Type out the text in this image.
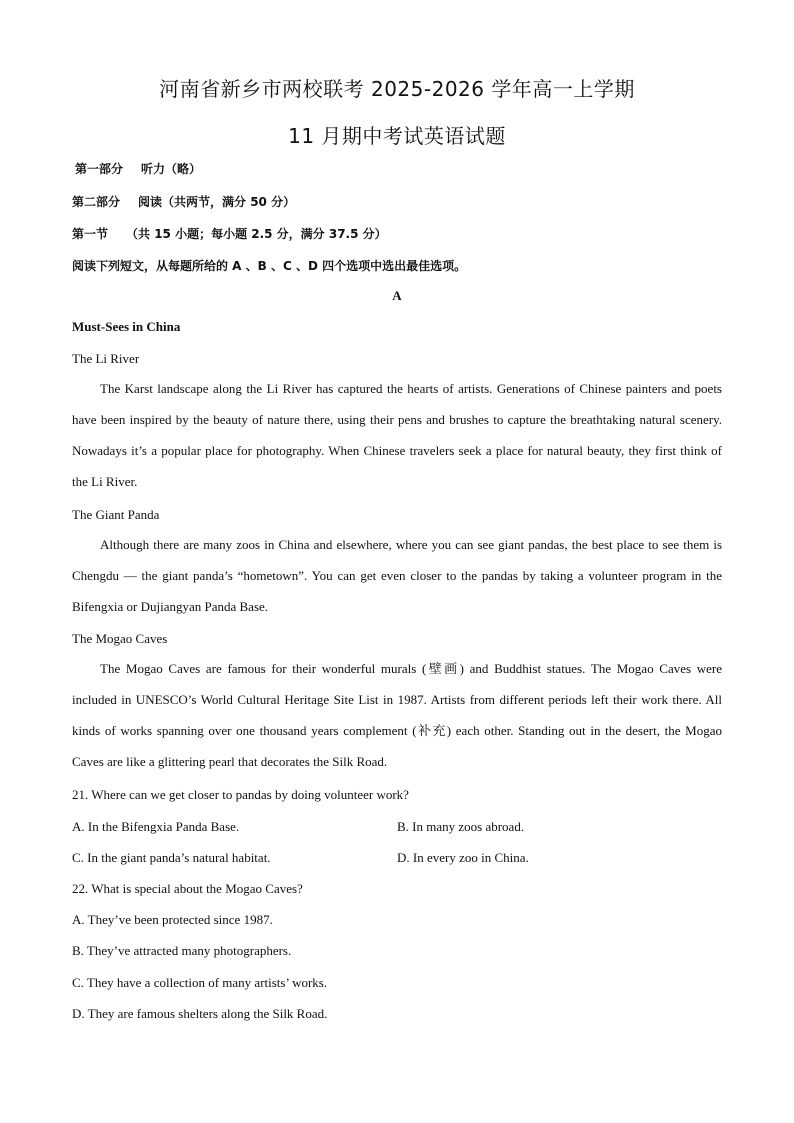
河南省新乡市两校联考 2025-2026 学年高一上学期
11 月期中考试英语试题
第一部分 听力（略）
第二部分 阅读（共两节，满分 50 分）
第一节 （共 15 小题；每小题 2.5 分，满分 37.5 分）
阅读下列短文，从每题所给的 A 、B 、C 、D 四个选项中选出最佳选项。
A
Must-Sees in China
The Li River
The Karst landscape along the Li River has captured the hearts of artists. Generations of Chinese painters and poets have been inspired by the beauty of nature there, using their pens and brushes to capture the breathtaking natural scenery. Nowadays it’s a popular place for photography. When Chinese travelers seek a place for natural beauty, they first think of the Li River.
The Giant Panda
Although there are many zoos in China and elsewhere, where you can see giant pandas, the best place to see them is Chengdu — the giant panda’s “hometown”. You can get even closer to the pandas by taking a volunteer program in the Bifengxia or Dujiangyan Panda Base.
The Mogao Caves
The Mogao Caves are famous for their wonderful murals (壁画) and Buddhist statues. The Mogao Caves were included in UNESCO’s World Cultural Heritage Site List in 1987. Artists from different periods left their work there. All kinds of works spanning over one thousand years complement (补充) each other. Standing out in the desert, the Mogao Caves are like a glittering pearl that decorates the Silk Road.
21. Where can we get closer to pandas by doing volunteer work?
A. In the Bifengxia Panda Base.	B. In many zoos abroad.
C. In the giant panda’s natural habitat.	D. In every zoo in China.
22. What is special about the Mogao Caves?
A. They’ve been protected since 1987.
B. They’ve attracted many photographers.
C. They have a collection of many artists’ works.
D. They are famous shelters along the Silk Road.
